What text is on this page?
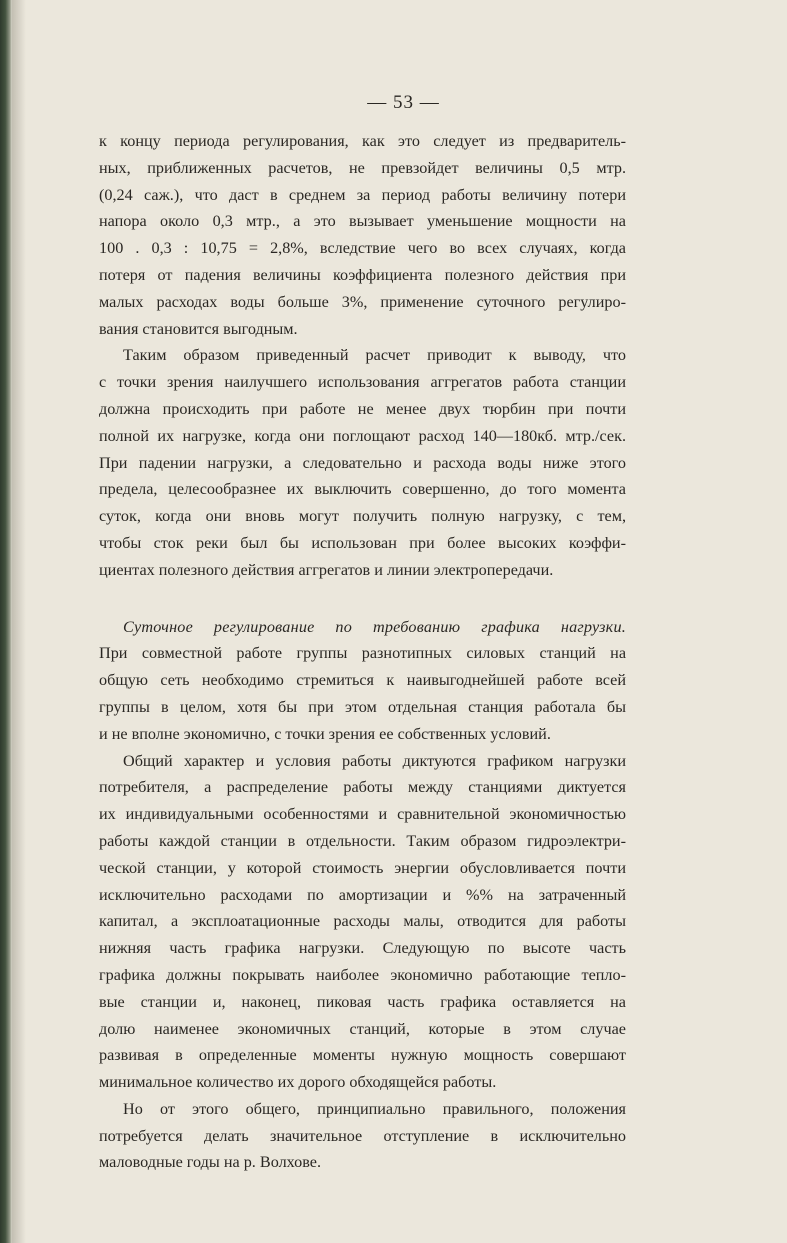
— 53 —
к концу периода регулирования, как это следует из предваритель-
ных, приближенных расчетов, не превзойдет величины 0,5 мтр.
(0,24 саж.), что даст в среднем за период работы величину потери
напора около 0,3 мтр., а это вызывает уменьшение мощности на
100 . 0,3 : 10,75 = 2,8%, вследствие чего во всех случаях, когда
потеря от падения величины коэффициента полезного действия при
малых расходах воды больше 3%, применение суточного регулиро-
вания становится выгодным.
Таким образом приведенный расчет приводит к выводу, что
с точки зрения наилучшего использования аггрегатов работа станции
должна происходить при работе не менее двух тюрбин при почти
полной их нагрузке, когда они поглощают расход 140—180кб. мтр./сек.
При падении нагрузки, а следовательно и расхода воды ниже этого
предела, целесообразнее их выключить совершенно, до того момента
суток, когда они вновь могут получить полную нагрузку, с тем,
чтобы сток реки был бы использован при более высоких коэффи-
циентах полезного действия аггрегатов и линии электропередачи.
Суточное регулирование по требованию графика нагрузки.
При совместной работе группы разнотипных силовых станций на
общую сеть необходимо стремиться к наивыгоднейшей работе всей
группы в целом, хотя бы при этом отдельная станция работала бы
и не вполне экономично, с точки зрения ее собственных условий.
Общий характер и условия работы диктуются графиком нагрузки
потребителя, а распределение работы между станциями диктуется
их индивидуальными особенностями и сравнительной экономичностью
работы каждой станции в отдельности. Таким образом гидроэлектри-
ческой станции, у которой стоимость энергии обусловливается почти
исключительно расходами по амортизации и %% на затраченный
капитал, а эксплоатационные расходы малы, отводится для работы
нижняя часть графика нагрузки. Следующую по высоте часть
графика должны покрывать наиболее экономично работающие тепло-
вые станции и, наконец, пиковая часть графика оставляется на
долю наименее экономичных станций, которые в этом случае
развивая в определенные моменты нужную мощность совершают
минимальное количество их дорого обходящейся работы.
Но от этого общего, принципиально правильного, положения
потребуется делать значительное отступление в исключительно
маловодные годы на р. Волхове.
